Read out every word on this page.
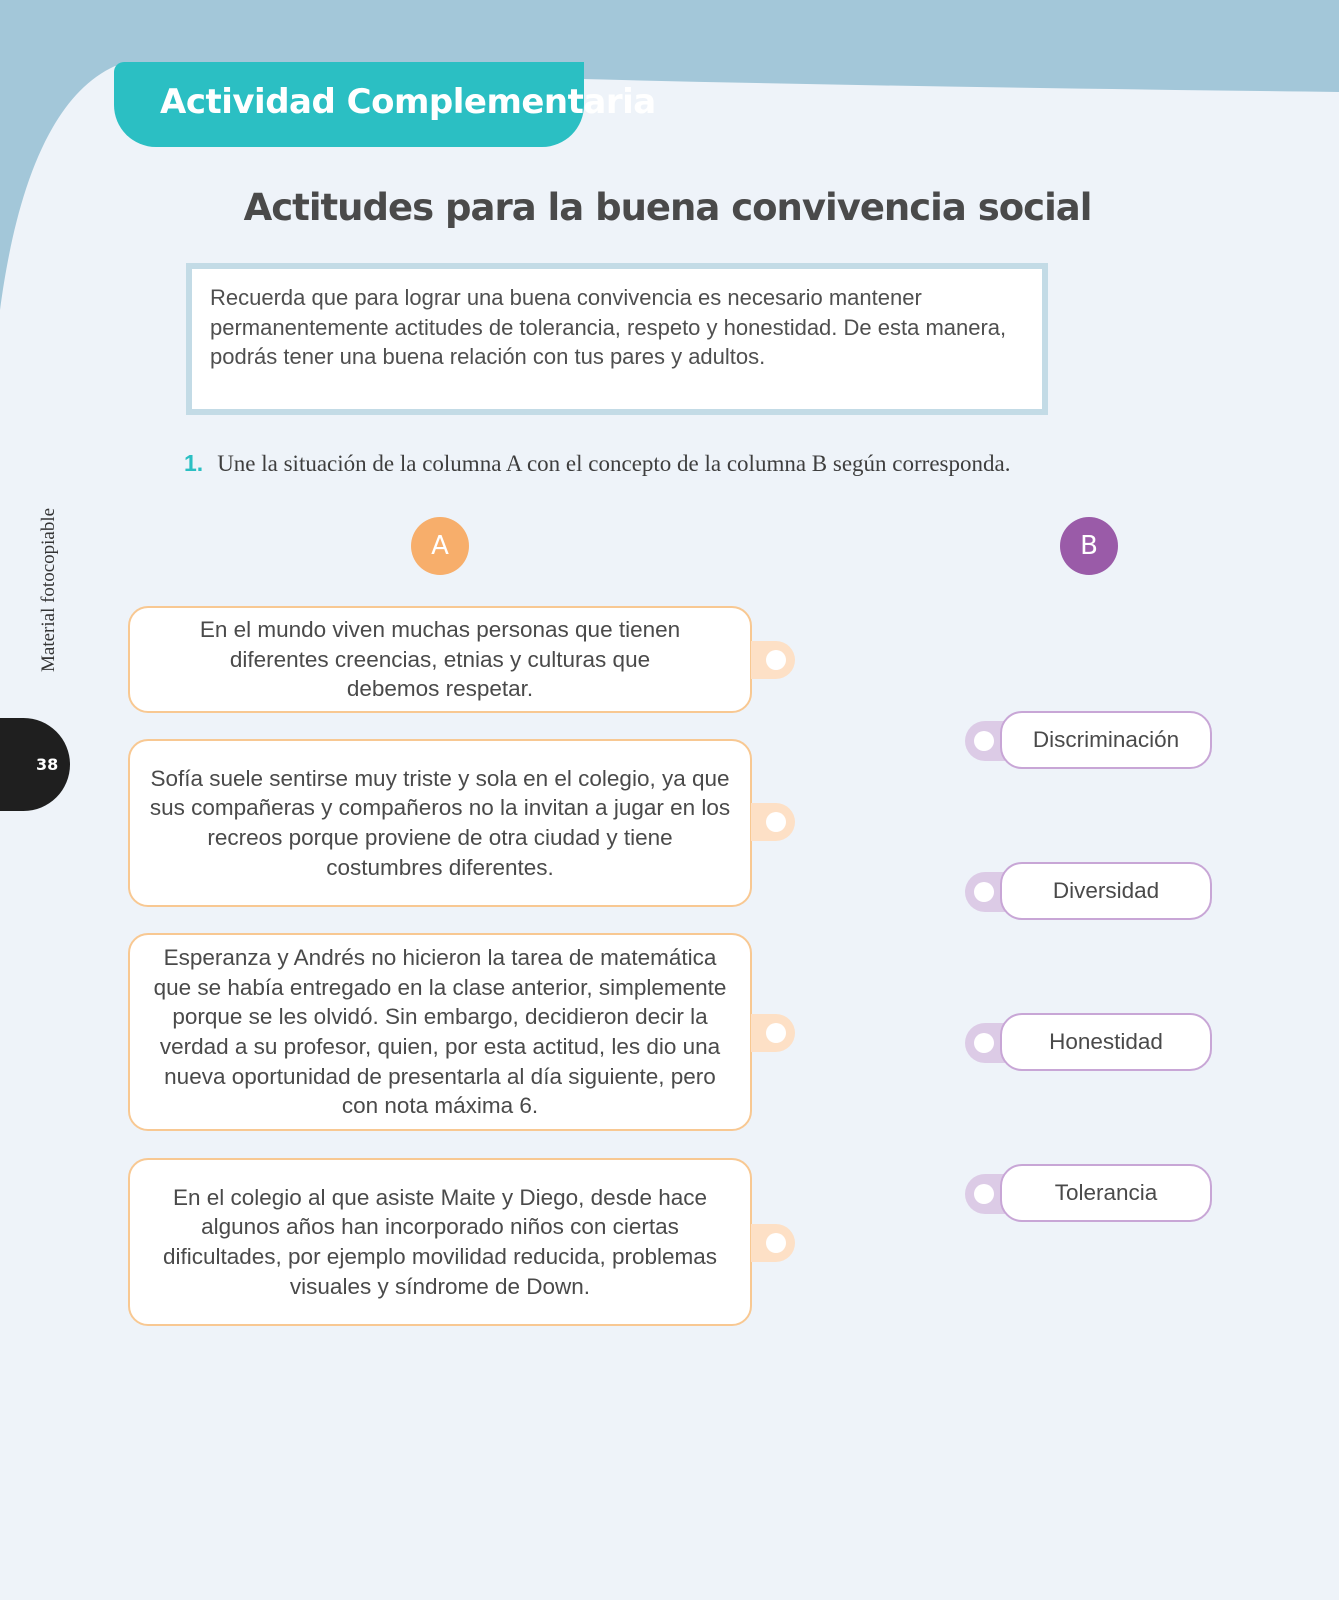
Actividad Complementaria
Actitudes para la buena convivencia social
Recuerda que para lograr una buena convivencia es necesario mantener permanentemente actitudes de tolerancia, respeto y honestidad. De esta manera, podrás tener una buena relación con tus pares y adultos.
1. Une la situación de la columna A con el concepto de la columna B según corresponda.
Material fotocopiable
38
A	B
En el mundo viven muchas personas que tienen
diferentes creencias, etnias y culturas que
debemos respetar.
Sofía suele sentirse muy triste y sola en el colegio, ya que
sus compañeras y compañeros no la invitan a jugar en los
recreos porque proviene de otra ciudad y tiene
costumbres diferentes.
Esperanza y Andrés no hicieron la tarea de matemática
que se había entregado en la clase anterior, simplemente
porque se les olvidó. Sin embargo, decidieron decir la
verdad a su profesor, quien, por esta actitud, les dio una
nueva oportunidad de presentarla al día siguiente, pero
con nota máxima 6.
En el colegio al que asiste Maite y Diego, desde hace
algunos años han incorporado niños con ciertas
dificultades, por ejemplo movilidad reducida, problemas
visuales y síndrome de Down.
Discriminación
Diversidad
Honestidad
Tolerancia
